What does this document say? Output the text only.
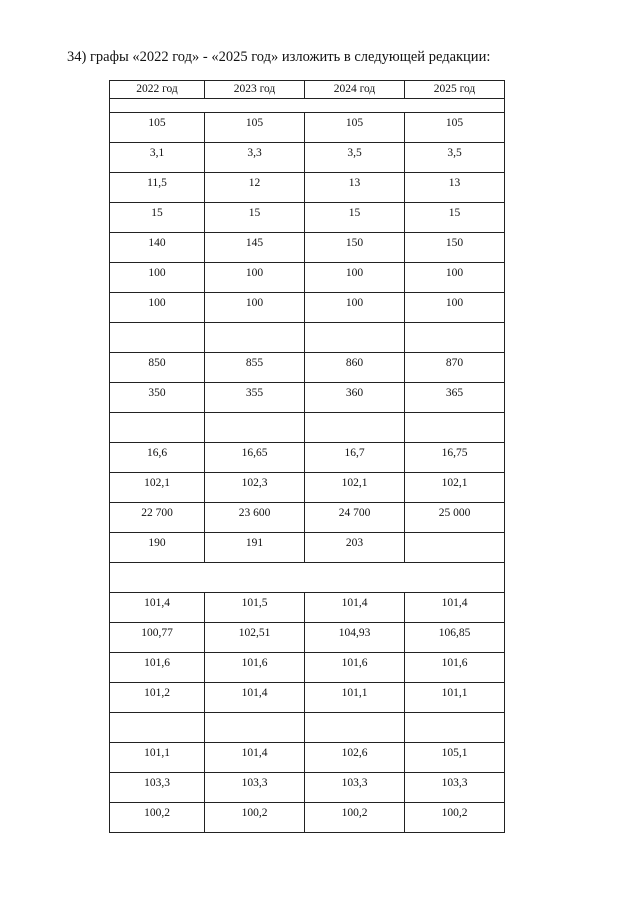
34) графы «2022 год» - «2025 год» изложить в следующей редакции:
2022 год	2023 год	2024 год	2025 год

105	105	105	105
3,1	3,3	3,5	3,5
11,5	12	13	13
15	15	15	15
140	145	150	150
100	100	100	100
100	100	100	100

850	855	860	870
350	355	360	365

16,6	16,65	16,7	16,75
102,1	102,3	102,1	102,1
22 700	23 600	24 700	25 000
190	191	203	

101,4	101,5	101,4	101,4
100,77	102,51	104,93	106,85
101,6	101,6	101,6	101,6
101,2	101,4	101,1	101,1

101,1	101,4	102,6	105,1
103,3	103,3	103,3	103,3
100,2	100,2	100,2	100,2
